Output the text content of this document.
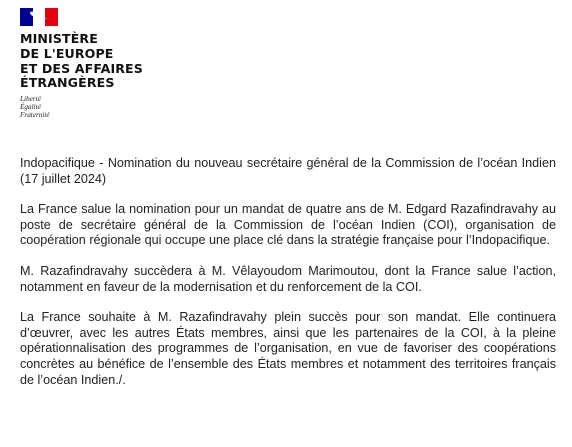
MINISTÈRE
DE L'EUROPE
ET DES AFFAIRES
ÉTRANGÈRES
Liberté
Égalité
Fraternité

Indopacifique - Nomination du nouveau secrétaire général de la Commission de l’océan Indien (17 juillet 2024)

La France salue la nomination pour un mandat de quatre ans de M. Edgard Razafindravahy au poste de secrétaire général de la Commission de l’océan Indien (COI), organisation de coopération régionale qui occupe une place clé dans la stratégie française pour l’Indopacifique.

M. Razafindravahy succèdera à M. Vêlayoudom Marimoutou, dont la France salue l’action, notamment en faveur de la modernisation et du renforcement de la COI.

La France souhaite à M. Razafindravahy plein succès pour son mandat. Elle continuera d’œuvrer, avec les autres États membres, ainsi que les partenaires de la COI, à la pleine opérationnalisation des programmes de l’organisation, en vue de favoriser des coopérations concrètes au bénéfice de l’ensemble des États membres et notamment des territoires français de l’océan Indien./.
